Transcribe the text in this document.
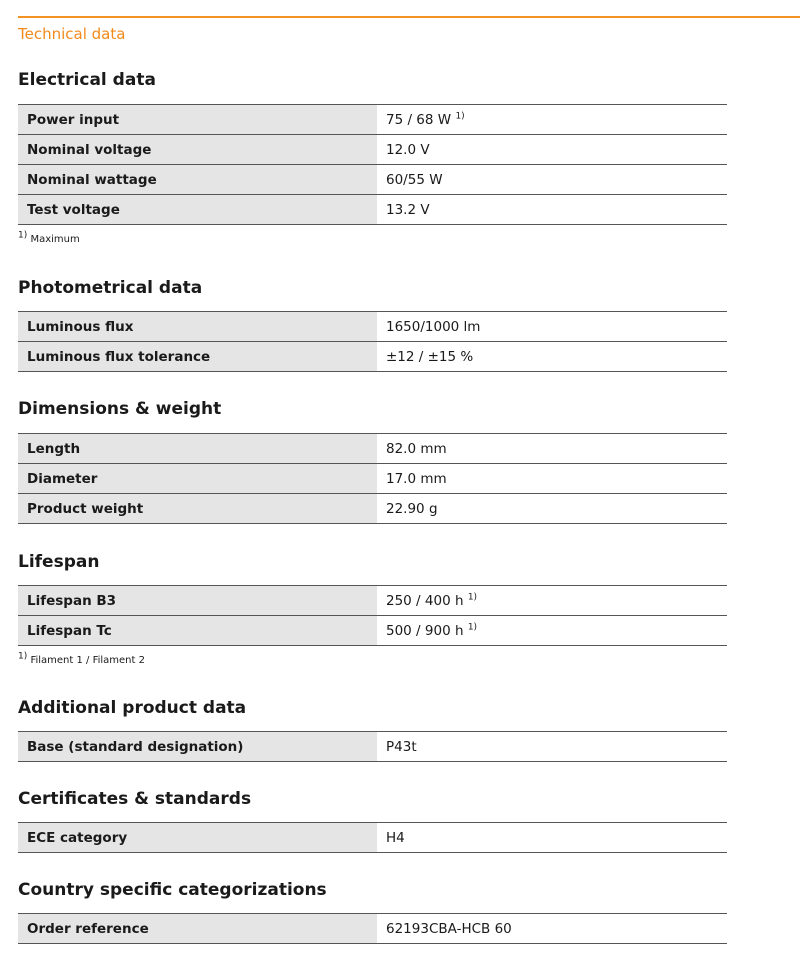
Technical data
Electrical data
Power input	75 / 68 W $^{1)}$
Nominal voltage	12.0 V
Nominal wattage	60/55 W
Test voltage	13.2 V
1) Maximum
Photometrical data
Luminous flux	1650/1000 lm
Luminous flux tolerance	±12 / ±15 %
Dimensions & weight
Length	82.0 mm
Diameter	17.0 mm
Product weight	22.90 g
Lifespan
Lifespan B3	250 / 400 h $^{1)}$
Lifespan Tc	500 / 900 h $^{1)}$
1) Filament 1 / Filament 2
Additional product data
Base (standard designation)	P43t
Certificates & standards
ECE category	H4
Country specific categorizations
Order reference	62193CBA-HCB 60
